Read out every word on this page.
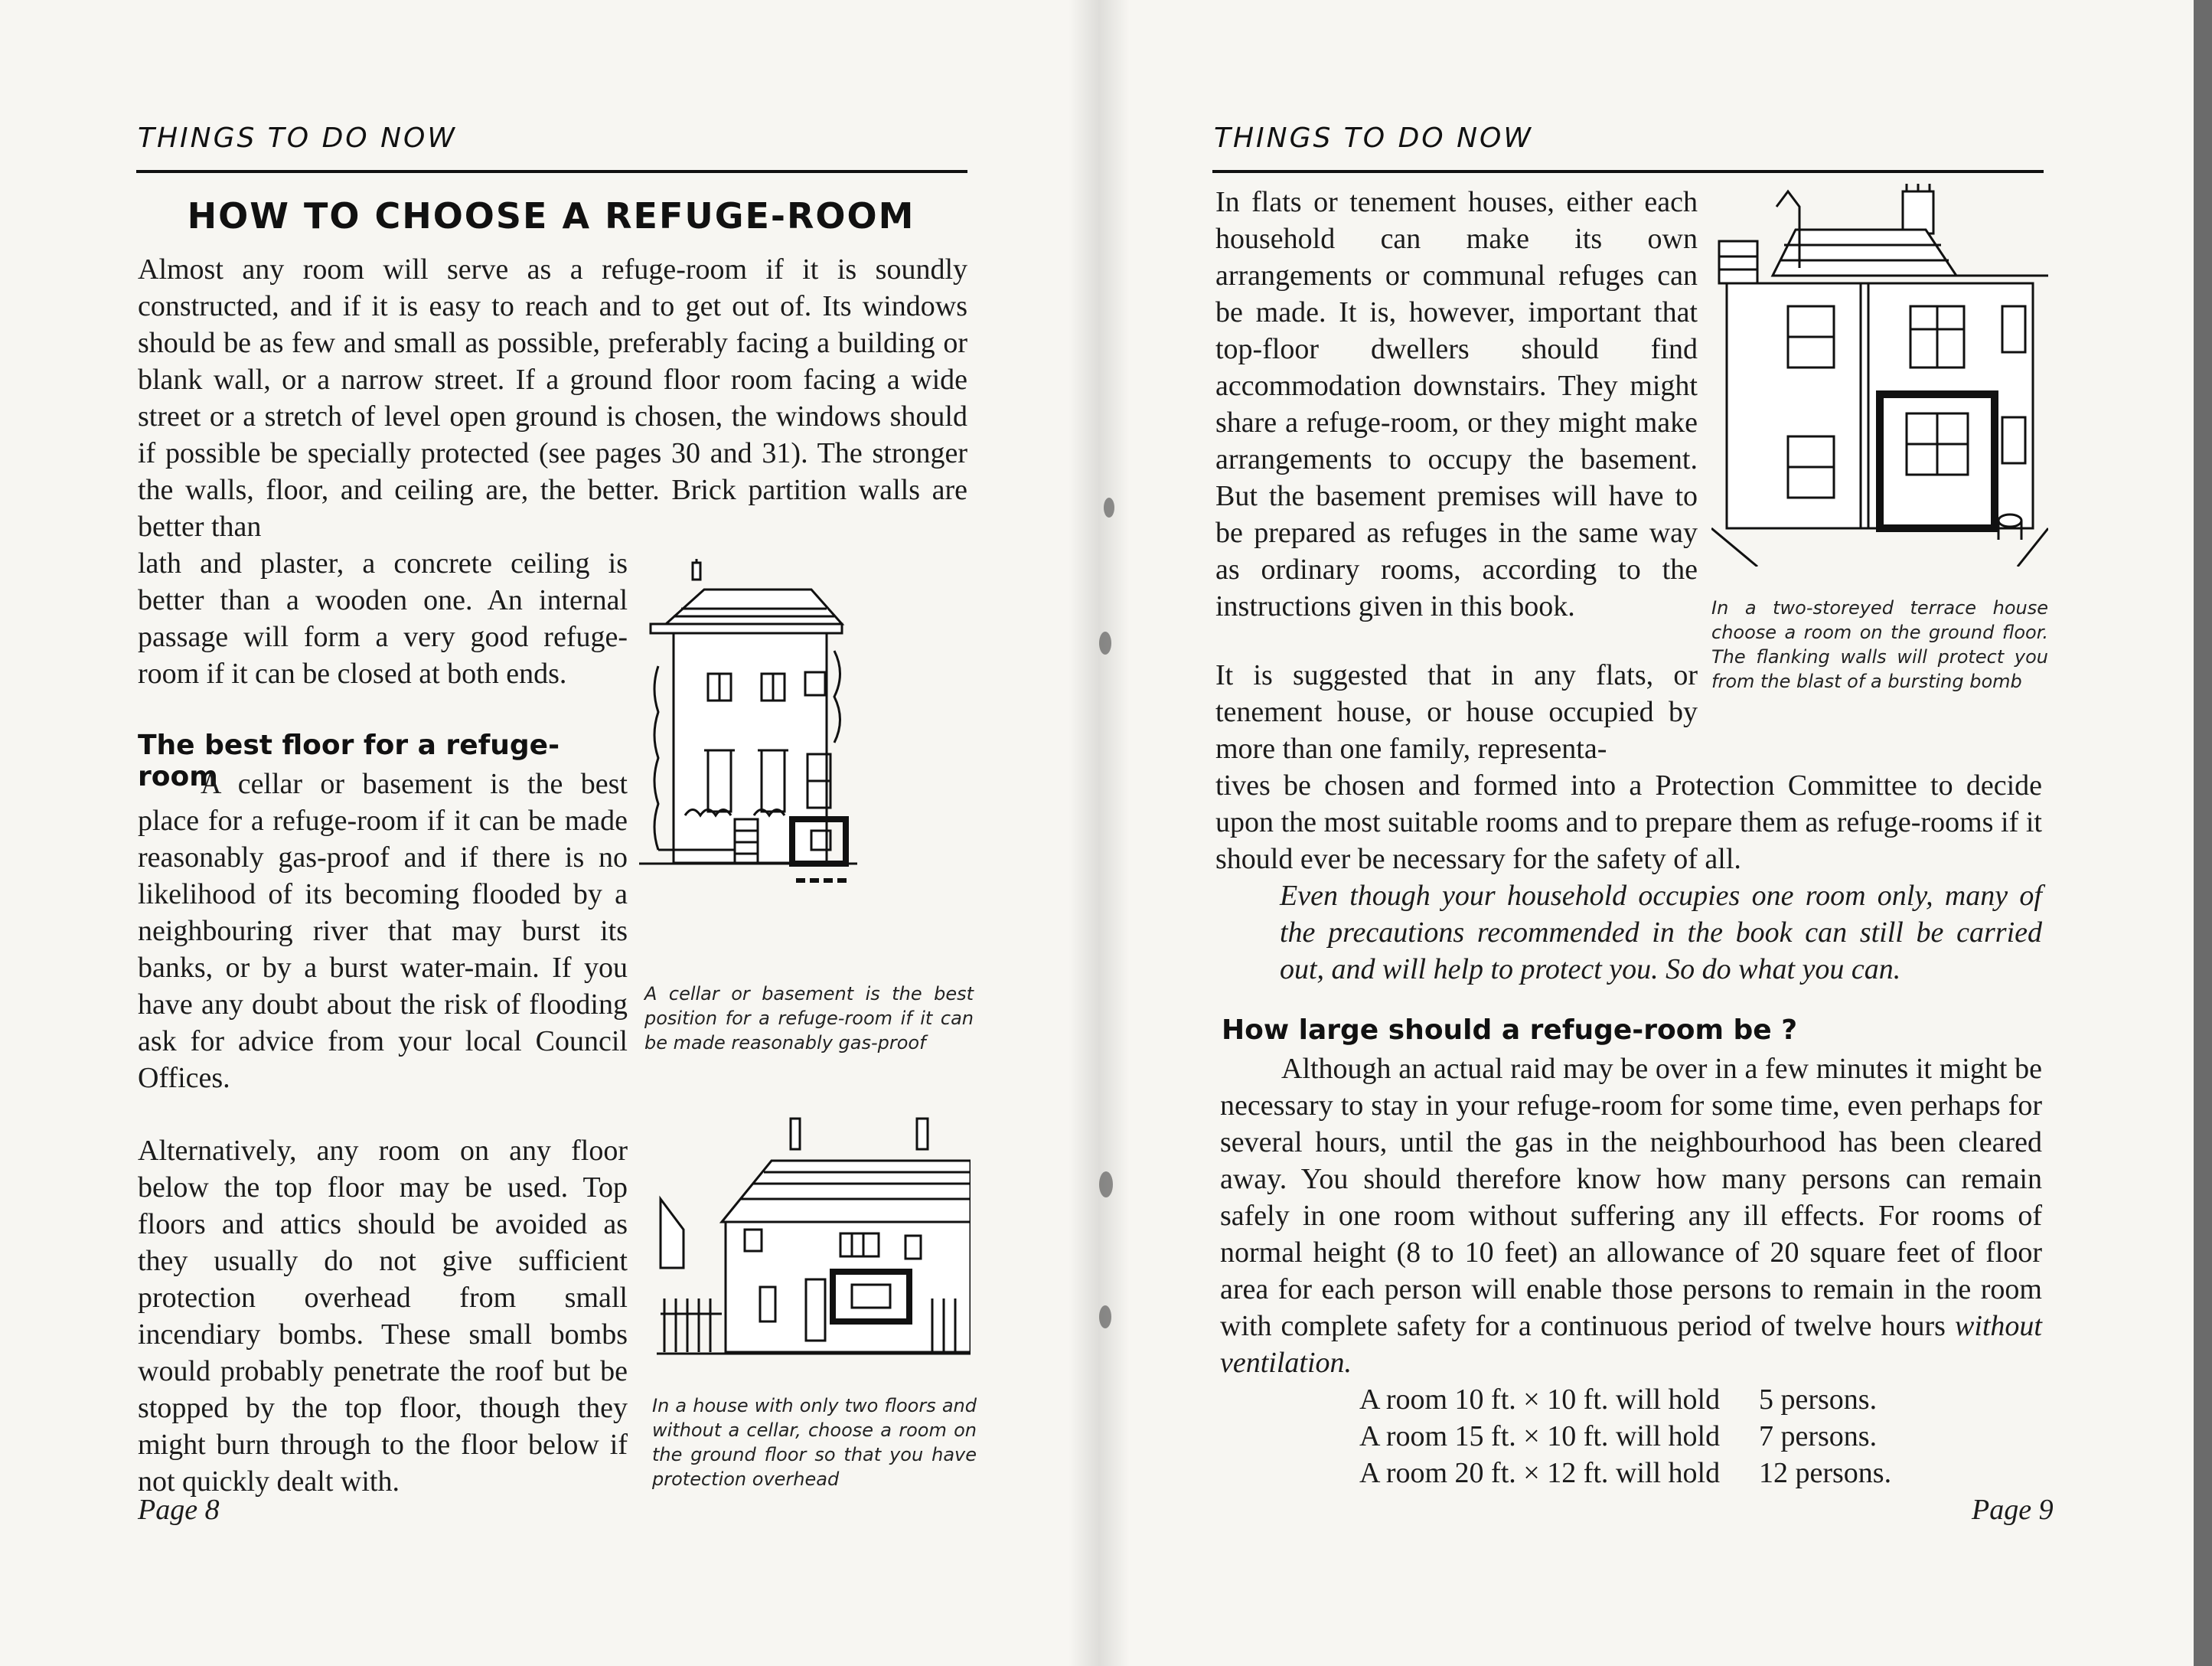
THINGS TO DO NOW
HOW TO CHOOSE A REFUGE-ROOM
Almost any room will serve as a refuge-room if it is soundly constructed, and if it is easy to reach and to get out of. Its windows should be as few and small as possible, preferably facing a building or blank wall, or a narrow street. If a ground floor room facing a wide street or a stretch of level open ground is chosen, the windows should if possible be specially protected (see pages 30 and 31). The stronger the walls, floor, and ceiling are, the better. Brick partition walls are better than
lath and plaster, a concrete ceiling is better than a wooden one. An internal passage will form a very good refuge-room if it can be closed at both ends.
The best floor for a refuge-room
A cellar or basement is the best place for a refuge-room if it can be made reasonably gas-proof and if there is no likelihood of its becoming flooded by a neighbouring river that may burst its banks, or by a burst water-main. If you have any doubt about the risk of flooding ask for advice from your local Council Offices.
Alternatively, any room on any floor below the top floor may be used. Top floors and attics should be avoided as they usually do not give sufficient protection overhead from small incendiary bombs. These small bombs would probably penetrate the roof but be stopped by the top floor, though they might burn through to the floor below if not quickly dealt with.
A cellar or basement is the best position for a refuge-room if it can be made reasonably gas-proof
In a house with only two floors and without a cellar, choose a room on the ground floor so that you have protection overhead
Page 8
THINGS TO DO NOW
In flats or tenement houses, either each household can make its own arrangements or communal refuges can be made. It is, however, important that top-floor dwellers should find accommodation downstairs. They might share a refuge-room, or they might make arrangements to occupy the basement. But the basement premises will have to be prepared as refuges in the same way as ordinary rooms, according to the instructions given in this book.
It is suggested that in any flats, or tenement house, or house occupied by more than one family, representa-
tives be chosen and formed into a Protection Committee to decide upon the most suitable rooms and to prepare them as refuge-rooms if it should ever be necessary for the safety of all.
Even though your household occupies one room only, many of the precautions recommended in the book can still be carried out, and will help to protect you. So do what you can.
In a two-storeyed terrace house choose a room on the ground floor. The flanking walls will protect you from the blast of a bursting bomb
How large should a refuge-room be ?
Although an actual raid may be over in a few minutes it might be necessary to stay in your refuge-room for some time, even perhaps for several hours, until the gas in the neighbourhood has been cleared away. You should therefore know how many persons can remain safely in one room without suffering any ill effects. For rooms of normal height (8 to 10 feet) an allowance of 20 square feet of floor area for each person will enable those persons to remain in the room with complete safety for a continuous period of twelve hours without ventilation.
A room 10 ft. × 10 ft. will hold 5 persons.
A room 15 ft. × 10 ft. will hold 7 persons.
A room 20 ft. × 12 ft. will hold 12 persons.
Page 9
